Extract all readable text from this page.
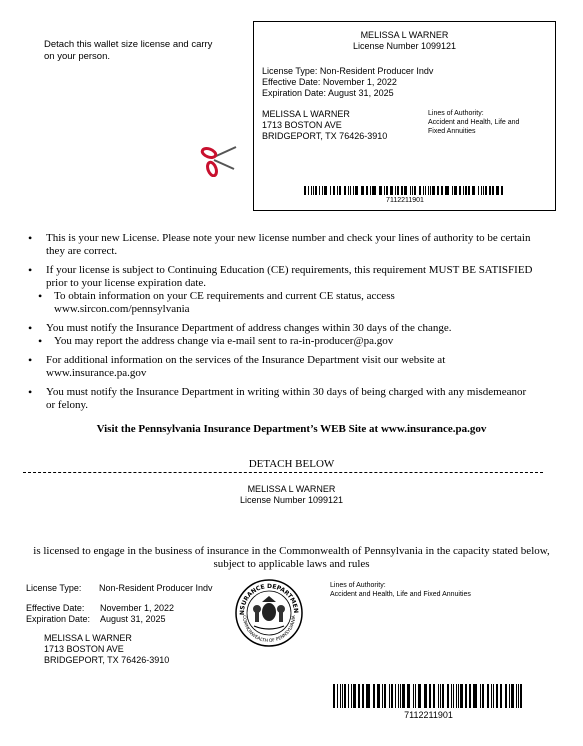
Detach this wallet size license and carry on your person.
MELISSA L WARNER
License Number 1099121
License Type: Non-Resident Producer Indv
Effective Date: November 1, 2022
Expiration Date: August 31, 2025
MELISSA L WARNER
1713 BOSTON AVE
BRIDGEPORT, TX 76426-3910
Lines of Authority:
Accident and Health, Life and
Fixed Annuities
7112211901
• This is your new License. Please note your new license number and check your lines of authority to be certain they are correct.
• If your license is subject to Continuing Education (CE) requirements, this requirement MUST BE SATISFIED prior to your license expiration date.
• To obtain information on your CE requirements and current CE status, access www.sircon.com/pennsylvania
• You must notify the Insurance Department of address changes within 30 days of the change.
• You may report the address change via e-mail sent to ra-in-producer@pa.gov
• For additional information on the services of the Insurance Department visit our website at www.insurance.pa.gov
• You must notify the Insurance Department in writing within 30 days of being charged with any misdemeanor or felony.
Visit the Pennsylvania Insurance Department’s WEB Site at www.insurance.pa.gov
DETACH BELOW
MELISSA L WARNER
License Number 1099121
is licensed to engage in the business of insurance in the Commonwealth of Pennsylvania in the capacity stated below, subject to applicable laws and rules
License Type: Non-Resident Producer Indv
Effective Date: November 1, 2022
Expiration Date: August 31, 2025
MELISSA L WARNER
1713 BOSTON AVE
BRIDGEPORT, TX 76426-3910
NSURANCE DEPARTMEN
COMMONWEALTH OF PENNSYLVANIA
Lines of Authority:
Accident and Health, Life and Fixed Annuities
7112211901
